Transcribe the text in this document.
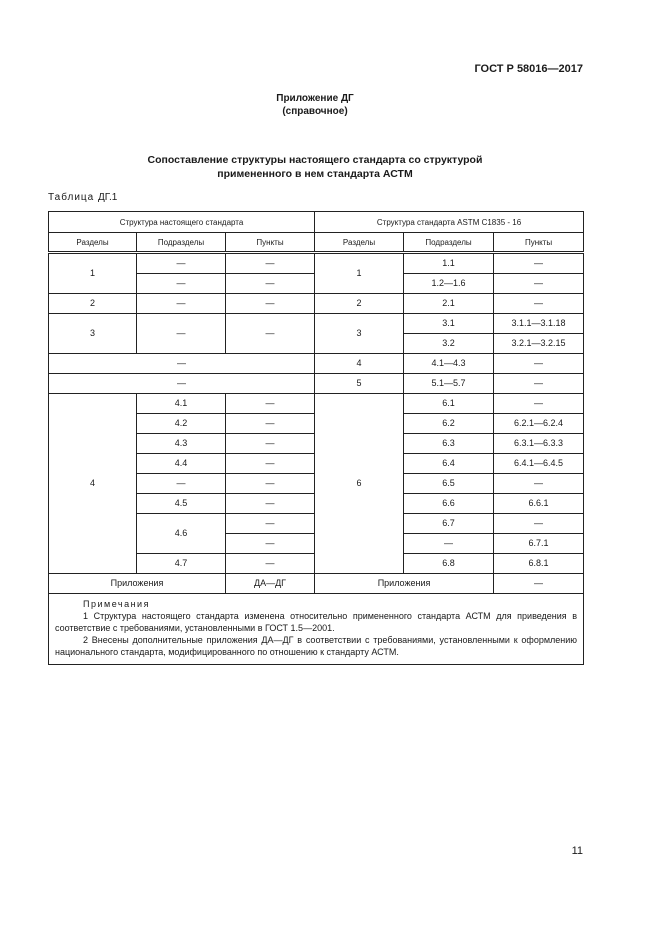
ГОСТ Р 58016—2017
Приложение ДГ
(справочное)
Сопоставление структуры настоящего стандарта со структурой
примененного в нем стандарта АСТМ
Таблица ДГ.1
Структура настоящего стандарта			Структура стандарта ASTM C1835 - 16		
Разделы	Подразделы	Пункты	Разделы	Подразделы	Пункты
1	—	—	1	1.1	—
	—	—		1.2—1.6	—
2	—	—	2	2.1	—
3	—	—	3	3.1	3.1.1—3.1.18
				3.2	3.2.1—3.2.15
—			4	4.1—4.3	—
—			5	5.1—5.7	—
4	4.1	—	6	6.1	—
	4.2	—		6.2	6.2.1—6.2.4
	4.3	—		6.3	6.3.1—6.3.3
	4.4	—		6.4	6.4.1—6.4.5
	—	—		6.5	—
	4.5	—		6.6	6.6.1
	4.6	—		6.7	—
		—		—	6.7.1
	4.7	—		6.8	6.8.1
Приложения		ДА—ДГ	Приложения		—

Примечания

1 Структура настоящего стандарта изменена относительно примененного стандарта АСТМ для приведения в соответствие с требованиями, установленными в ГОСТ 1.5—2001.

2 Внесены дополнительные приложения ДА—ДГ в соответствии с требованиями, установленными к оформлению национального стандарта, модифицированного по отношению к стандарту АСТМ.					

11
